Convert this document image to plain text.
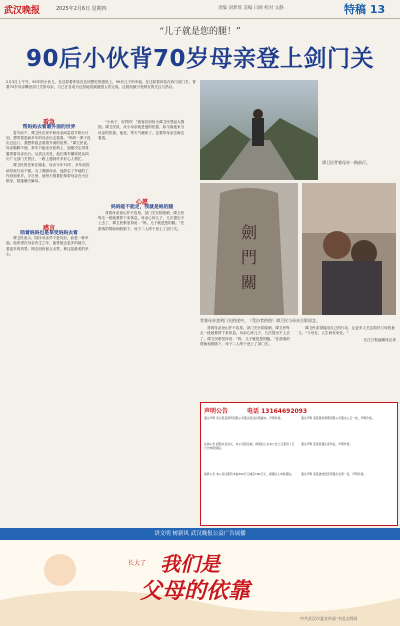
武汉晚报	2025年2月6日 星期四	责编 刘梦瑶 美编 日顾 校对 文静	特稿 13
“儿子就是您的腿！”
90后小伙背70岁母亲登上剑门关
2月3日上午外，95年的小伙儿，在还原着体验在各回想吃的感悟上，90后儿子的幸福，在还原着体验在四川剑门关，背着70岁母亲攀登剑门关的母亲，与已在各成为这张地视频最感人的完成。这段视频引发网友的关注与热议。
看急
帮妈妈去看最外面的世界

春节前夕，谭卫民在家中和母亲商量春节旅行计划，想带着患病多年的母亲出去看看。“妈妈一辈子没出过远门，我想带她去看看外面的世界。”谭卫民说。母亲腿脚不便，常年只能坐在轮椅上，他便决定用背篓背着母亲出行。从武汉出发，他们乘车辗转抵达四川广元剑门关景区，一路上遇到许多好心人帮忙。

谭卫民的老家在湖北，母亲今年70岁，多年前因病导致行动不便。为了照顾母亲，他辞去了外地的工作回到家乡。平日里，他每天推着轮椅带母亲在小区散步，陪她聊天解闷。

感言
陪着妈妈也是享受妈妈去看

谭卫民表示，陪伴母亲并不是负担，而是一种幸福。他希望在母亲有生之年，能带她去更多的地方，看更多的风景。网友纷纷留言点赞，称这是最美的孝心。

“小伙子，好样的！”游客们纷纷为谭卫民竖起大拇指。谭卫民说，从小母亲就是他的依靠，如今换他来当母亲的依靠。他说，等天气暖和了，还要带母亲去海边看看。

心愿
妈妈能不能走，我就是她的腿

背着母亲登山并不容易，剑门关台阶陡峭，谭卫民每走一段就要停下来休息。母亲心疼儿子，几次提出不上去了，谭卫民都坚持说：“妈，儿子就是您的腿。”在游客的帮助和鼓励下，母子二人终于登上了剑门关。

谭卫民背着母亲一路前行。
劍
門
關
背着母亲登剑门关的途中。（受访者供图）谭卫民与母亲合影留念。

背着母亲登山并不容易，剑门关台阶陡峭，谭卫民每走一段就要停下来休息。母亲心疼儿子，几次提出不上去了，谭卫民都坚持说：“妈，儿子就是您的腿。”在游客的帮助和鼓励下，母子二人终于登上了剑门关。

谭卫民希望能用自己的行动，让更多人关注陪伴父母的意义。“父母在，人生尚有来处。”

长江日报融媒体记者

声明公告	电话 13164692093
遗失声明 武汉某某商贸有限公司遗失营业执照副本，声明作废。	遗失声明 某某餐饮管理有限公司遗失公章一枚，声明作废。
注销公告 经股东会决议，本公司拟注销，请债权人自本公告之日起四十五日内申报债权。
遗失声明 张某某遗失身份证，声明作废。
减资公告 本公司注册资本由500万元减至100万元，请债权人申报债权。	遗失声明 某某建材经营部遗失发票一张，声明作废。
讲文明 树新风 武汉晚报公益广告展播
长大了 我们是
父母的依靠
中共武汉市委宣传部 中国文明网
